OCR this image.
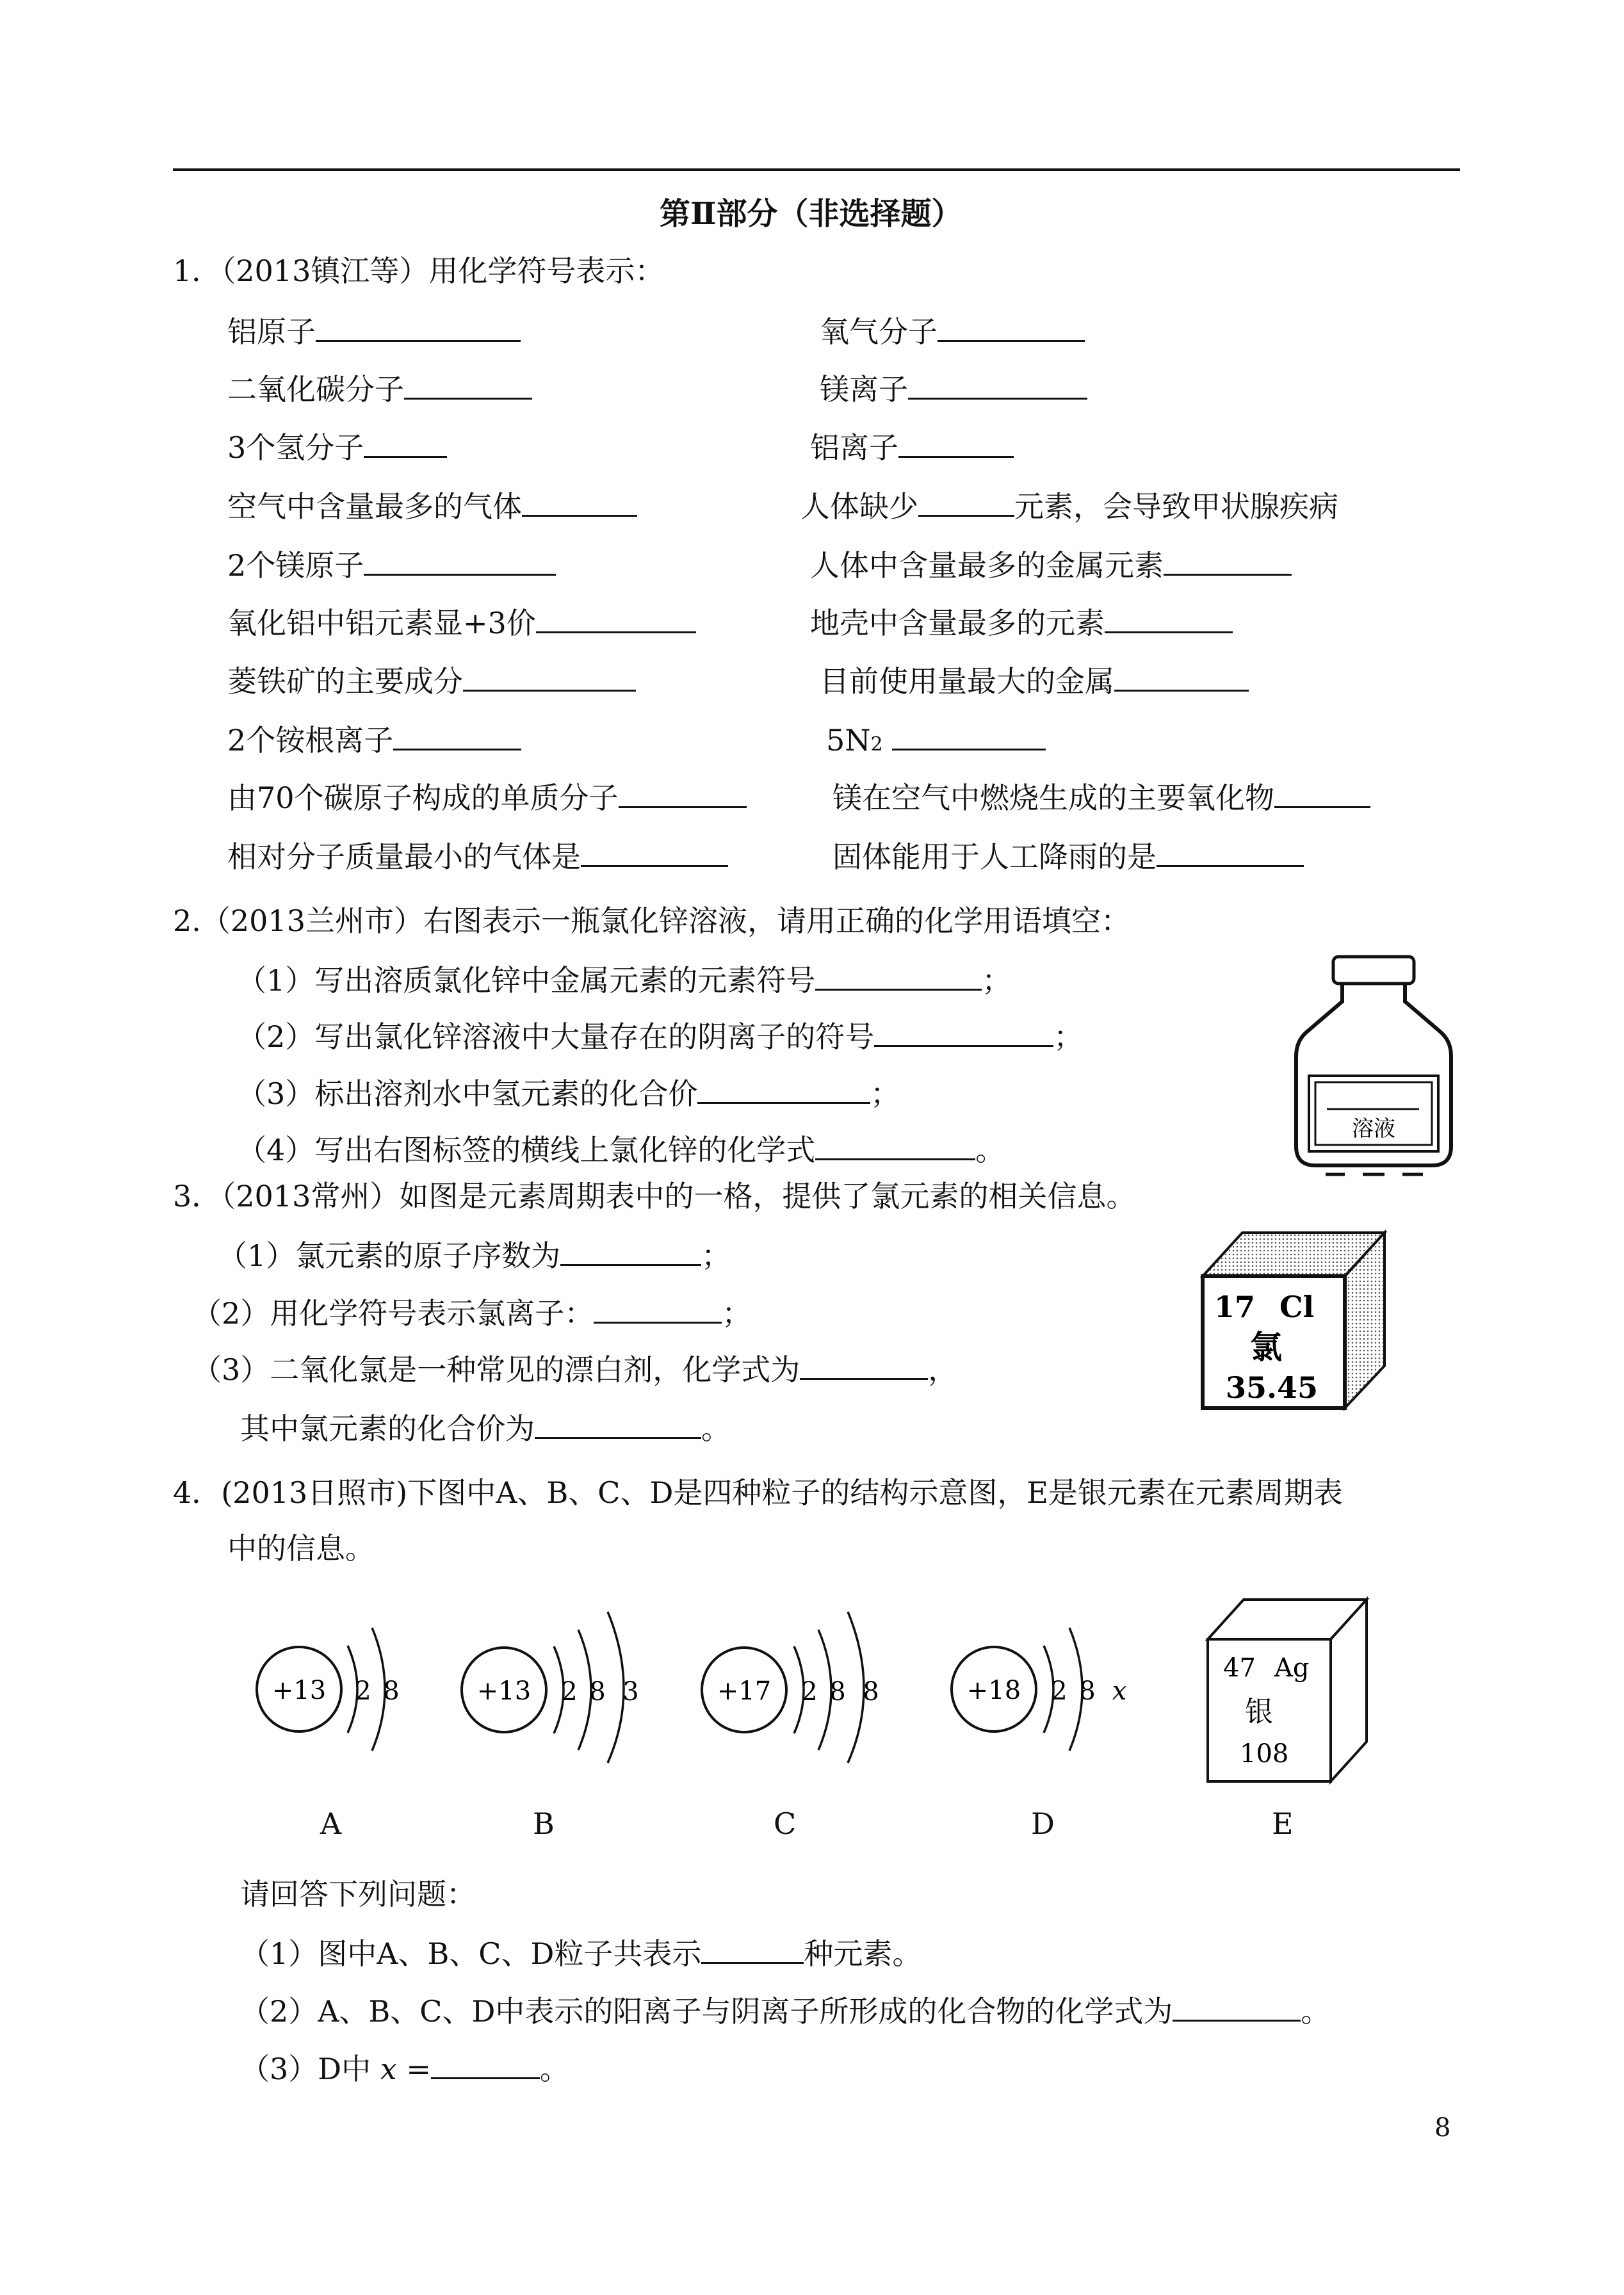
第Ⅱ部分（非选择题）
1．（2013镇江等）用化学符号表示：
铝原子	氧气分子
二氧化碳分子	镁离子
3个氢分子	铝离子
空气中含量最多的气体	人体缺少	元素，会导致甲状腺疾病
2个镁原子	人体中含量最多的金属元素
氧化铝中铝元素显+3价	地壳中含量最多的元素
菱铁矿的主要成分	目前使用量最大的金属
2个铵根离子	5N2
由70个碳原子构成的单质分子	镁在空气中燃烧生成的主要氧化物
相对分子质量最小的气体是	固体能用于人工降雨的是
2.（2013兰州市）右图表示一瓶氯化锌溶液，请用正确的化学用语填空：
（1）写出溶质氯化锌中金属元素的元素符号	；
（2）写出氯化锌溶液中大量存在的阴离子的符号	；
（3）标出溶剂水中氢元素的化合价	；
（4）写出右图标签的横线上氯化锌的化学式	。
溶液
3．（2013常州）如图是元素周期表中的一格，提供了氯元素的相关信息。
（1）氯元素的原子序数为	；
（2）用化学符号表示氯离子：	；
（3）二氧化氯是一种常见的漂白剂，化学式为	，
其中氯元素的化合价为	。
17 Cl
氯
35.45
4．(2013日照市)下图中A、B、C、D是四种粒子的结构示意图，E是银元素在元素周期表
中的信息。
+13 2 8
A
+13 2 8 3
B
+17 2 8 8
C
+18 2 8 x
D
47 Ag
银
108
E
请回答下列问题：
（1）图中A、B、C、D粒子共表示	种元素。
（2）A、B、C、D中表示的阳离子与阴离子所形成的化合物的化学式为	。
（3）D中 x =	。
8
